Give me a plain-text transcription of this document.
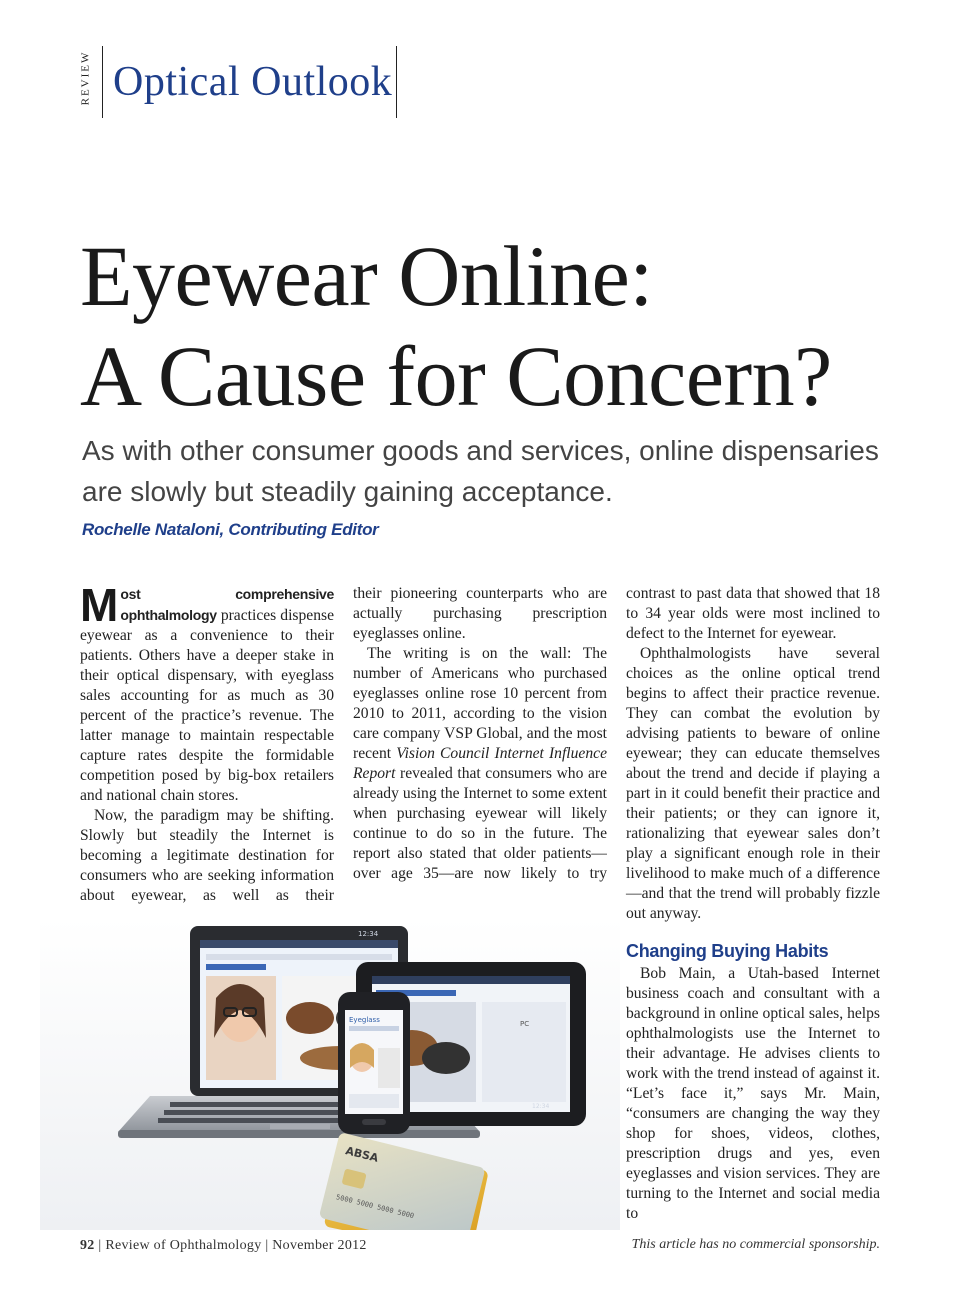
REVIEW Optical Outlook
Eyewear Online:
A Cause for Concern?
As with other consumer goods and services, online dispensaries are slowly but steadily gaining acceptance.
Rochelle Nataloni, Contributing Editor

Most comprehensive ophthalmology practices dispense eyewear as a convenience to their patients. Others have a deeper stake in their optical dispensary, with eyeglass sales accounting for as much as 30 percent of the practice’s revenue. The latter manage to maintain respectable capture rates despite the formidable competition posed by big-box retailers and national chain stores.

Now, the paradigm may be shifting. Slowly but steadily the Internet is becoming a legitimate destination for consumers who are seeking information about eyewear, as well as their

their pioneering counterparts who are actually purchasing prescription eyeglasses online.

The writing is on the wall: The number of Americans who purchased eyeglasses online rose 10 percent from 2010 to 2011, according to the vision care company VSP Global, and the most recent Vision Council Internet Influence Report revealed that consumers who are already using the Internet to some extent when purchasing eyewear will likely continue to do so in the future. The report also stated that older patients—over age 35—are now likely to try

contrast to past data that showed that 18 to 34 year olds were most inclined to defect to the Internet for eyewear.

Ophthalmologists have several choices as the online optical trend begins to affect their practice revenue. They can combat the evolution by advising patients to beware of online eyewear; they can educate themselves about the trend and decide if playing a part in it could benefit their practice and their patients; or they can ignore it, rationalizing that eyewear sales don’t play a significant enough role in their livelihood to make much of a difference—and that the trend will probably fizzle out anyway.

Changing Buying Habits

Bob Main, a Utah-based Internet business coach and consultant with a background in online optical sales, helps ophthalmologists use the Internet to their advantage. He advises clients to work with the trend instead of against it. “Let’s face it,” says Mr. Main, “consumers are changing the way they shop for shoes, videos, clothes, prescription drugs and yes, even eyeglasses and vision services. They are turning to the Internet and social media to

12:34
PC
12:34
Eyeglass
ABSA
5000 5000 5000 5000
92 | Review of Ophthalmology | November 2012	This article has no commercial sponsorship.
